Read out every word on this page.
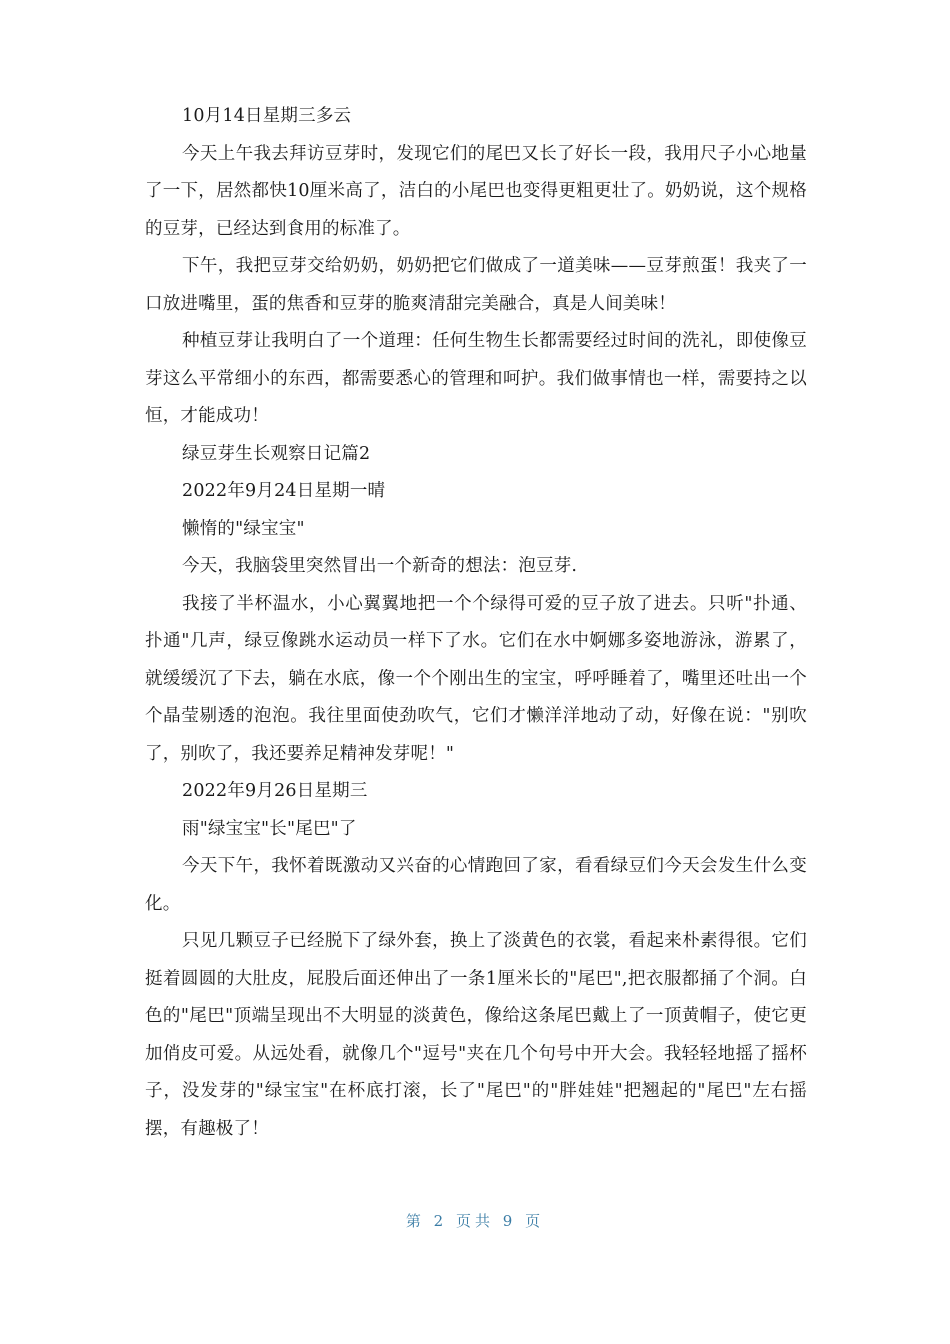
10月14日星期三多云

今天上午我去拜访豆芽时，发现它们的尾巴又长了好长一段，我用尺子小心地量了一下，居然都快10厘米高了，洁白的小尾巴也变得更粗更壮了。奶奶说，这个规格的豆芽，已经达到食用的标准了。

下午，我把豆芽交给奶奶，奶奶把它们做成了一道美味——豆芽煎蛋！我夹了一口放进嘴里，蛋的焦香和豆芽的脆爽清甜完美融合，真是人间美味！

种植豆芽让我明白了一个道理：任何生物生长都需要经过时间的洗礼，即使像豆芽这么平常细小的东西，都需要悉心的管理和呵护。我们做事情也一样，需要持之以恒，才能成功！

绿豆芽生长观察日记篇2

2022年9月24日星期一晴

懒惰的"绿宝宝"

今天，我脑袋里突然冒出一个新奇的想法：泡豆芽.

我接了半杯温水，小心翼翼地把一个个绿得可爱的豆子放了进去。只听"扑通、扑通"几声，绿豆像跳水运动员一样下了水。它们在水中婀娜多姿地游泳，游累了，就缓缓沉了下去，躺在水底，像一个个刚出生的宝宝，呼呼睡着了，嘴里还吐出一个个晶莹剔透的泡泡。我往里面使劲吹气，它们才懒洋洋地动了动，好像在说："别吹了，别吹了，我还要养足精神发芽呢！"

2022年9月26日星期三

雨"绿宝宝"长"尾巴"了

今天下午，我怀着既激动又兴奋的心情跑回了家，看看绿豆们今天会发生什么变化。

只见几颗豆子已经脱下了绿外套，换上了淡黄色的衣裳，看起来朴素得很。它们挺着圆圆的大肚皮，屁股后面还伸出了一条1厘米长的"尾巴",把衣服都捅了个洞。白色的"尾巴"顶端呈现出不大明显的淡黄色，像给这条尾巴戴上了一顶黄帽子，使它更加俏皮可爱。从远处看，就像几个"逗号"夹在几个句号中开大会。我轻轻地摇了摇杯子，没发芽的"绿宝宝"在杯底打滚，长了"尾巴"的"胖娃娃"把翘起的"尾巴"左右摇摆，有趣极了！

第 2 页共 9 页
